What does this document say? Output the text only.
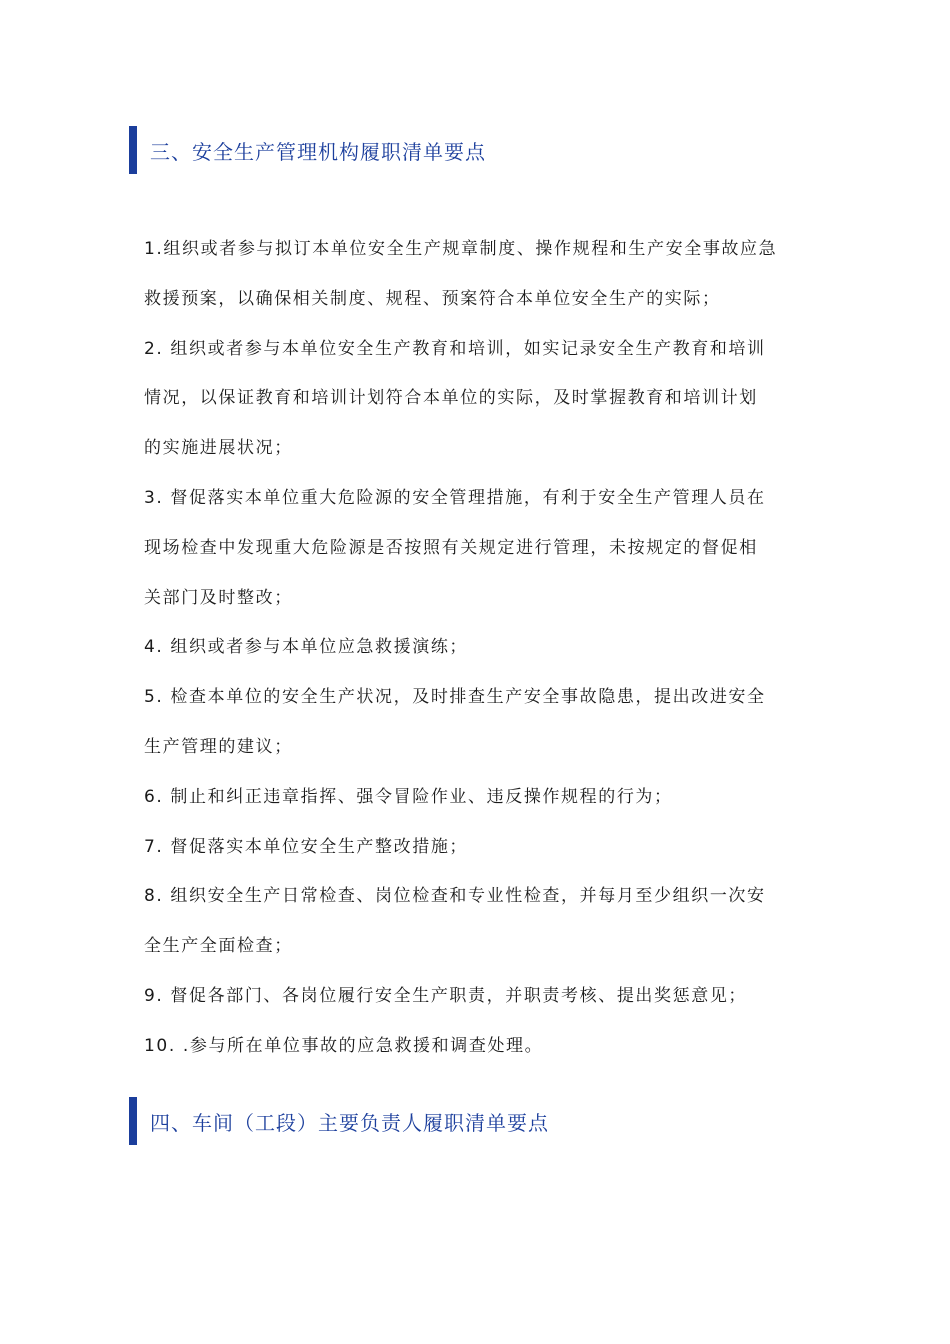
三、安全生产管理机构履职清单要点

1.组织或者参与拟订本单位安全生产规章制度、操作规程和生产安全事故应急

救援预案，以确保相关制度、规程、预案符合本单位安全生产的实际；

2. 组织或者参与本单位安全生产教育和培训，如实记录安全生产教育和培训

情况，以保证教育和培训计划符合本单位的实际，及时掌握教育和培训计划

的实施进展状况；

3. 督促落实本单位重大危险源的安全管理措施，有利于安全生产管理人员在

现场检查中发现重大危险源是否按照有关规定进行管理，未按规定的督促相

关部门及时整改；

4. 组织或者参与本单位应急救援演练；

5. 检查本单位的安全生产状况，及时排查生产安全事故隐患，提出改进安全

生产管理的建议；

6. 制止和纠正违章指挥、强令冒险作业、违反操作规程的行为；

7. 督促落实本单位安全生产整改措施；

8. 组织安全生产日常检查、岗位检查和专业性检查，并每月至少组织一次安

全生产全面检查；

9. 督促各部门、各岗位履行安全生产职责，并职责考核、提出奖惩意见；

10. .参与所在单位事故的应急救援和调查处理。

四、车间（工段）主要负责人履职清单要点
